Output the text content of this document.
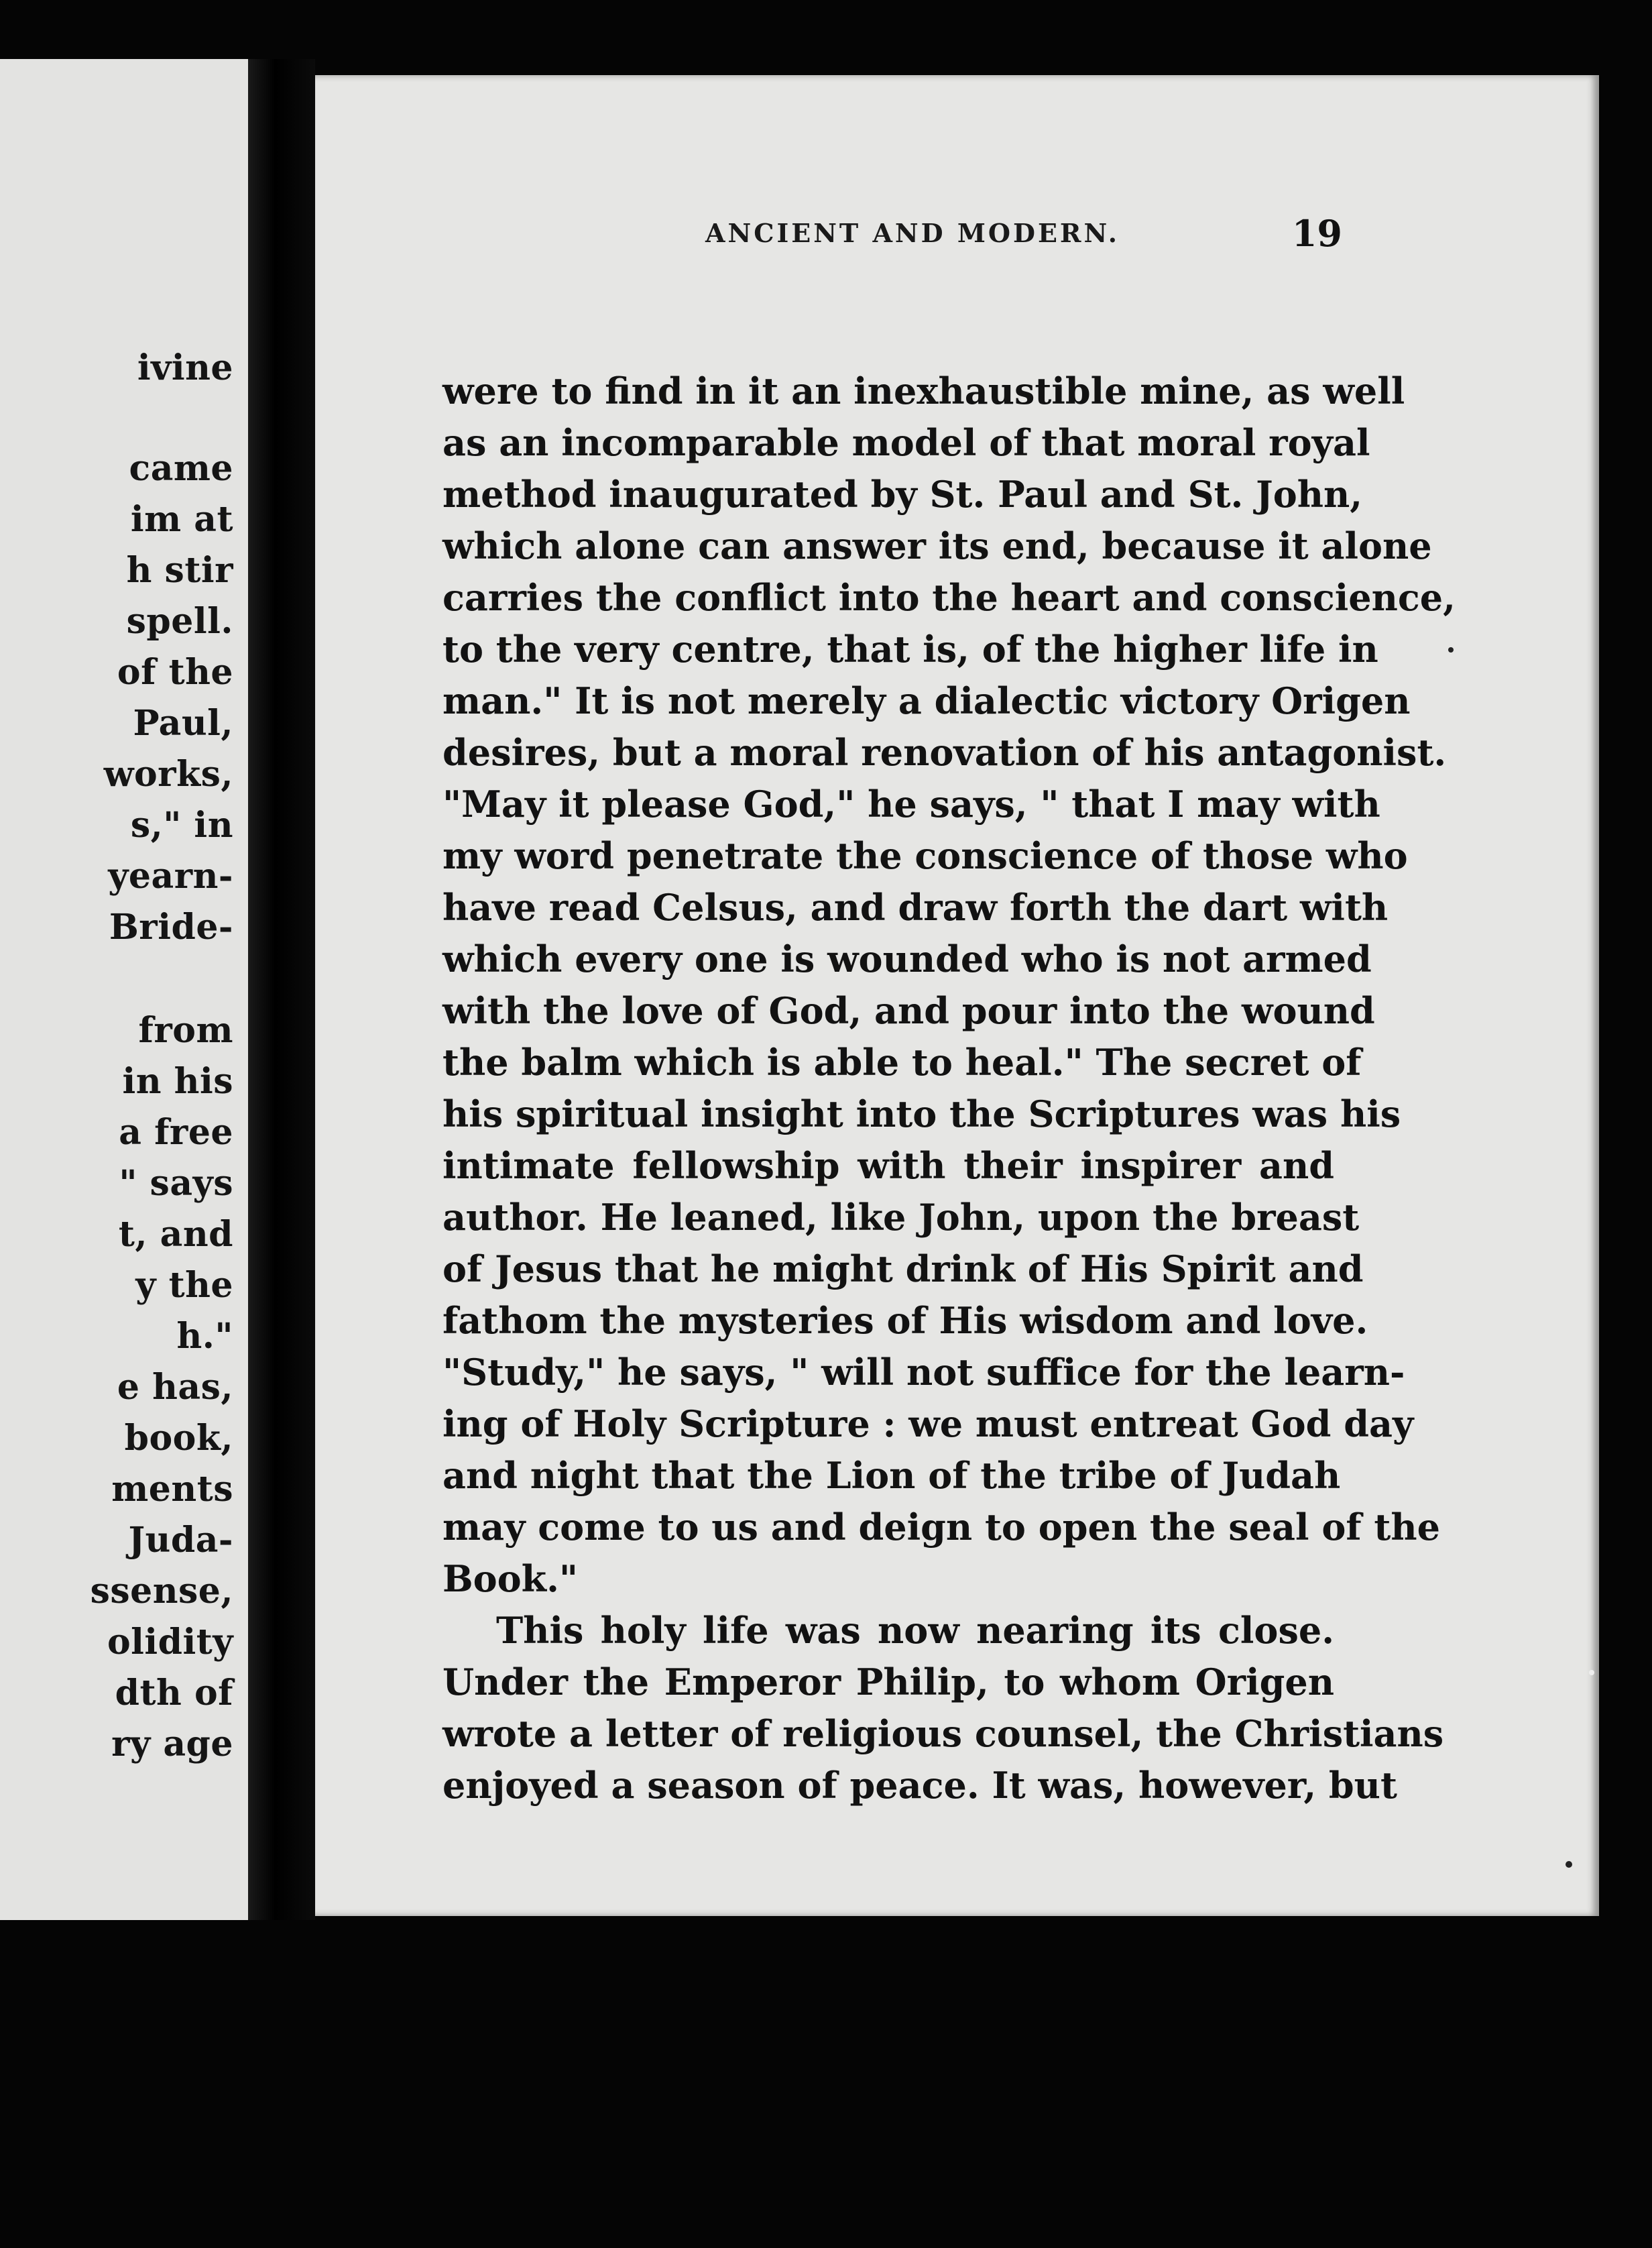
ivine
came
im at
h stir
spell.
of the
Paul,
works,
s," in
yearn-
Bride-
from
in his
a free
" says
t, and
y the
h."
e has,
book,
ments
Juda-
ssense,
olidity
dth of
ry age
ANCIENT AND MODERN.	19
were to find in it an inexhaustible mine, as well
as an incomparable model of that moral royal
method inaugurated by St. Paul and St. John,
which alone can answer its end, because it alone
carries the conflict into the heart and conscience,
to the very centre, that is, of the higher life in
man." It is not merely a dialectic victory Origen
desires, but a moral renovation of his antagonist.
"May it please God," he says, " that I may with
my word penetrate the conscience of those who
have read Celsus, and draw forth the dart with
which every one is wounded who is not armed
with the love of God, and pour into the wound
the balm which is able to heal." The secret of
his spiritual insight into the Scriptures was his
intimate fellowship with their inspirer and
author. He leaned, like John, upon the breast
of Jesus that he might drink of His Spirit and
fathom the mysteries of His wisdom and love.
"Study," he says, " will not suffice for the learn-
ing of Holy Scripture : we must entreat God day
and night that the Lion of the tribe of Judah
may come to us and deign to open the seal of the
Book."
This holy life was now nearing its close.
Under the Emperor Philip, to whom Origen
wrote a letter of religious counsel, the Christians
enjoyed a season of peace. It was, however, but
